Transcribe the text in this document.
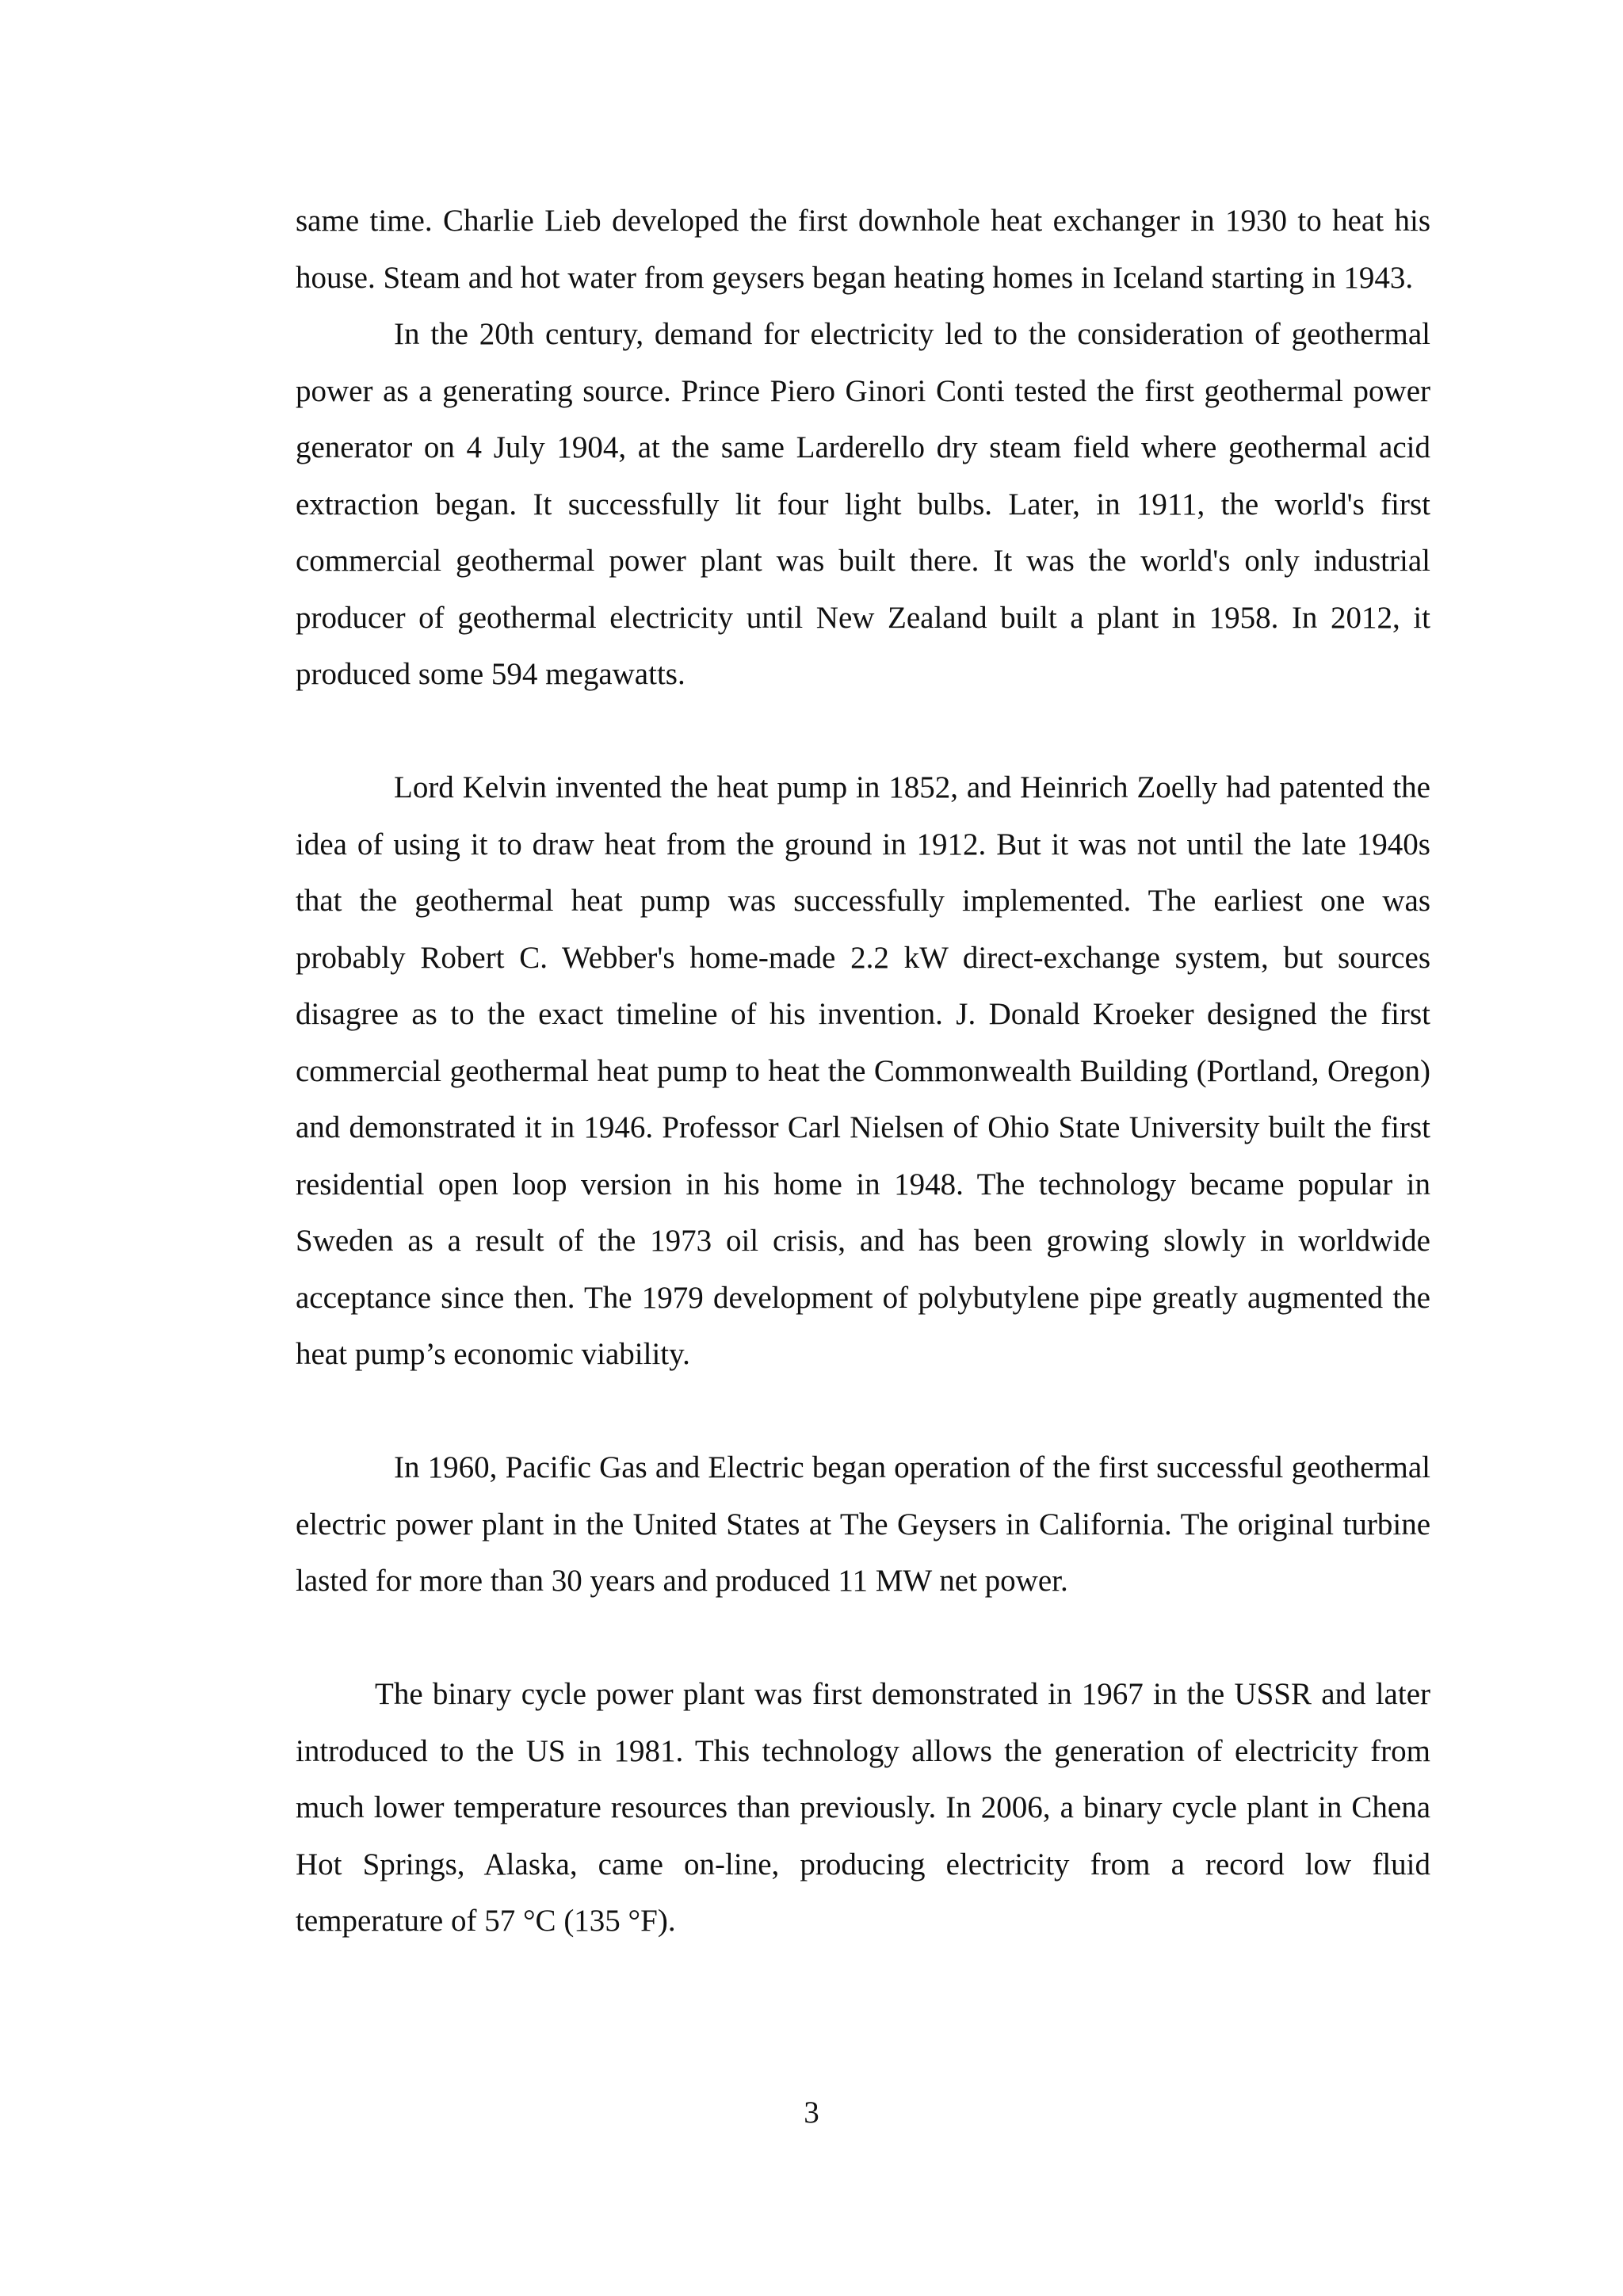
same time. Charlie Lieb developed the first downhole heat exchanger in 1930 to heat his house. Steam and hot water from geysers began heating homes in Iceland starting in 1943.

In the 20th century, demand for electricity led to the consideration of geothermal power as a generating source. Prince Piero Ginori Conti tested the first geothermal power generator on 4 July 1904, at the same Larderello dry steam field where geothermal acid extraction began. It successfully lit four light bulbs. Later, in 1911, the world's first commercial geothermal power plant was built there. It was the world's only industrial producer of geothermal electricity until New Zealand built a plant in 1958. In 2012, it produced some 594 megawatts.

Lord Kelvin invented the heat pump in 1852, and Heinrich Zoelly had patented the idea of using it to draw heat from the ground in 1912. But it was not until the late 1940s that the geothermal heat pump was successfully implemented. The earliest one was probably Robert C. Webber's home-made 2.2 kW direct-exchange system, but sources disagree as to the exact timeline of his invention. J. Donald Kroeker designed the first commercial geothermal heat pump to heat the Commonwealth Building (Portland, Oregon) and demonstrated it in 1946. Professor Carl Nielsen of Ohio State University built the first residential open loop version in his home in 1948. The technology became popular in Sweden as a result of the 1973 oil crisis, and has been growing slowly in worldwide acceptance since then. The 1979 development of polybutylene pipe greatly augmented the heat pump’s economic viability.

In 1960, Pacific Gas and Electric began operation of the first successful geothermal electric power plant in the United States at The Geysers in California. The original turbine lasted for more than 30 years and produced 11 MW net power.

The binary cycle power plant was first demonstrated in 1967 in the USSR and later introduced to the US in 1981. This technology allows the generation of electricity from much lower temperature resources than previously. In 2006, a binary cycle plant in Chena Hot Springs, Alaska, came on-line, producing electricity from a record low fluid temperature of 57 °C (135 °F).

3
